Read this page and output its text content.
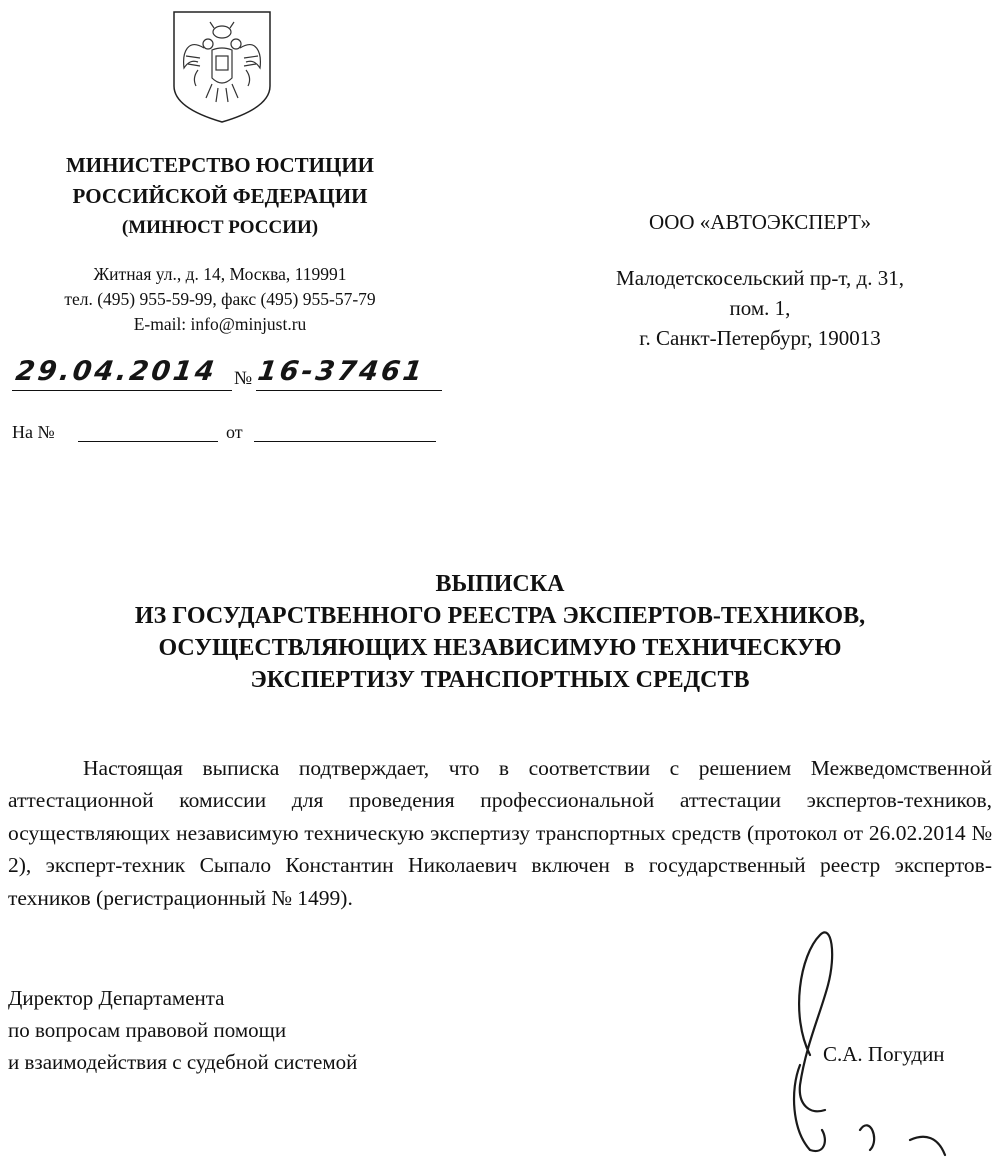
МИНИСТЕРСТВО ЮСТИЦИИ
РОССИЙСКОЙ ФЕДЕРАЦИИ
(МИНЮСТ РОССИИ)
Житная ул., д. 14, Москва, 119991
тел. (495) 955-59-99, факс (495) 955-57-79
E-mail: info@minjust.ru
29.04.2014 № 16-37461
На №	от
ООО «АВТОЭКСПЕРТ»
Малодетскосельский пр-т, д. 31,
пом. 1,
г. Санкт-Петербург, 190013
ВЫПИСКА
ИЗ ГОСУДАРСТВЕННОГО РЕЕСТРА ЭКСПЕРТОВ-ТЕХНИКОВ,
ОСУЩЕСТВЛЯЮЩИХ НЕЗАВИСИМУЮ ТЕХНИЧЕСКУЮ
ЭКСПЕРТИЗУ ТРАНСПОРТНЫХ СРЕДСТВ

Настоящая выписка подтверждает, что в соответствии с решением Межведомственной аттестационной комиссии для проведения профессиональной аттестации экспертов-техников, осуществляющих независимую техническую экспертизу транспортных средств (протокол от 26.02.2014 № 2), эксперт-техник Сыпало Константин Николаевич включен в государственный реестр экспертов-техников (регистрационный № 1499).

Директор Департамента
по вопросам правовой помощи
и взаимодействия с судебной системой	С.А. Погудин
